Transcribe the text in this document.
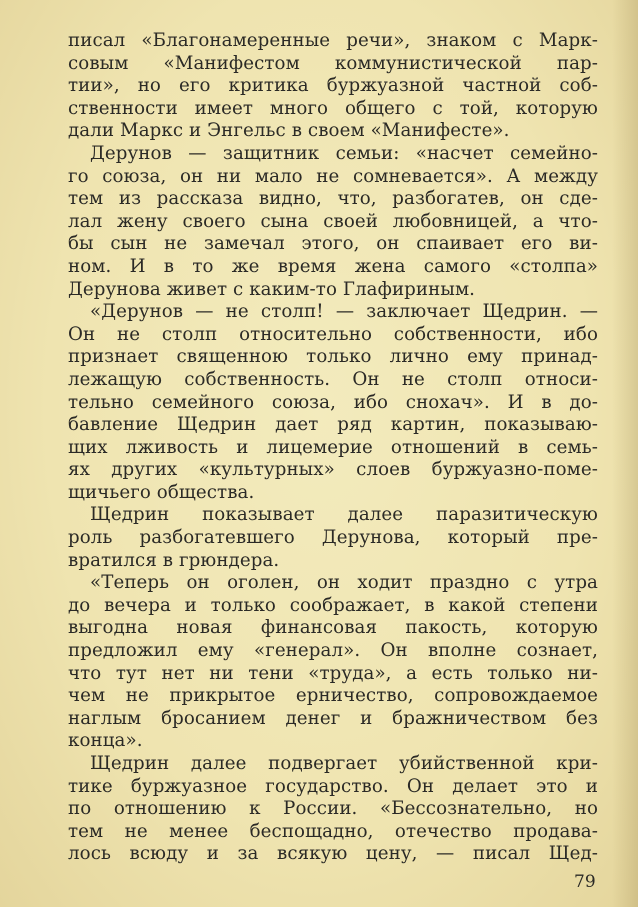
писал «Благонамеренные речи», знаком с Марк-
совым «Манифестом коммунистической пар-
тии», но его критика буржуазной частной соб-
ственности имеет много общего с той, которую
дали Маркс и Энгельс в своем «Манифесте».
Дерунов — защитник семьи: «насчет семейно-
го союза, он ни мало не сомневается». А между
тем из рассказа видно, что, разбогатев, он сде-
лал жену своего сына своей любовницей, а что-
бы сын не замечал этого, он спаивает его ви-
ном. И в то же время жена самого «столпа»
Дерунова живет с каким-то Глафириным.
«Дерунов — не столп! — заключает Щедрин. —
Он не столп относительно собственности, ибо
признает священною только лично ему принад-
лежащую собственность. Он не столп относи-
тельно семейного союза, ибо снохач». И в до-
бавление Щедрин дает ряд картин, показываю-
щих лживость и лицемерие отношений в семь-
ях других «культурных» слоев буржуазно-поме-
щичьего общества.
Щедрин показывает далее паразитическую
роль разбогатевшего Дерунова, который пре-
вратился в грюндера.
«Теперь он оголен, он ходит праздно с утра
до вечера и только соображает, в какой степени
выгодна новая финансовая пакость, которую
предложил ему «генерал». Он вполне сознает,
что тут нет ни тени «труда», а есть только ни-
чем не прикрытое ерничество, сопровождаемое
наглым бросанием денег и бражничеством без
конца».
Щедрин далее подвергает убийственной кри-
тике буржуазное государство. Он делает это и
по отношению к России. «Бессознательно, но
тем не менее беспощадно, отечество продава-
лось всюду и за всякую цену, — писал Щед-
79
